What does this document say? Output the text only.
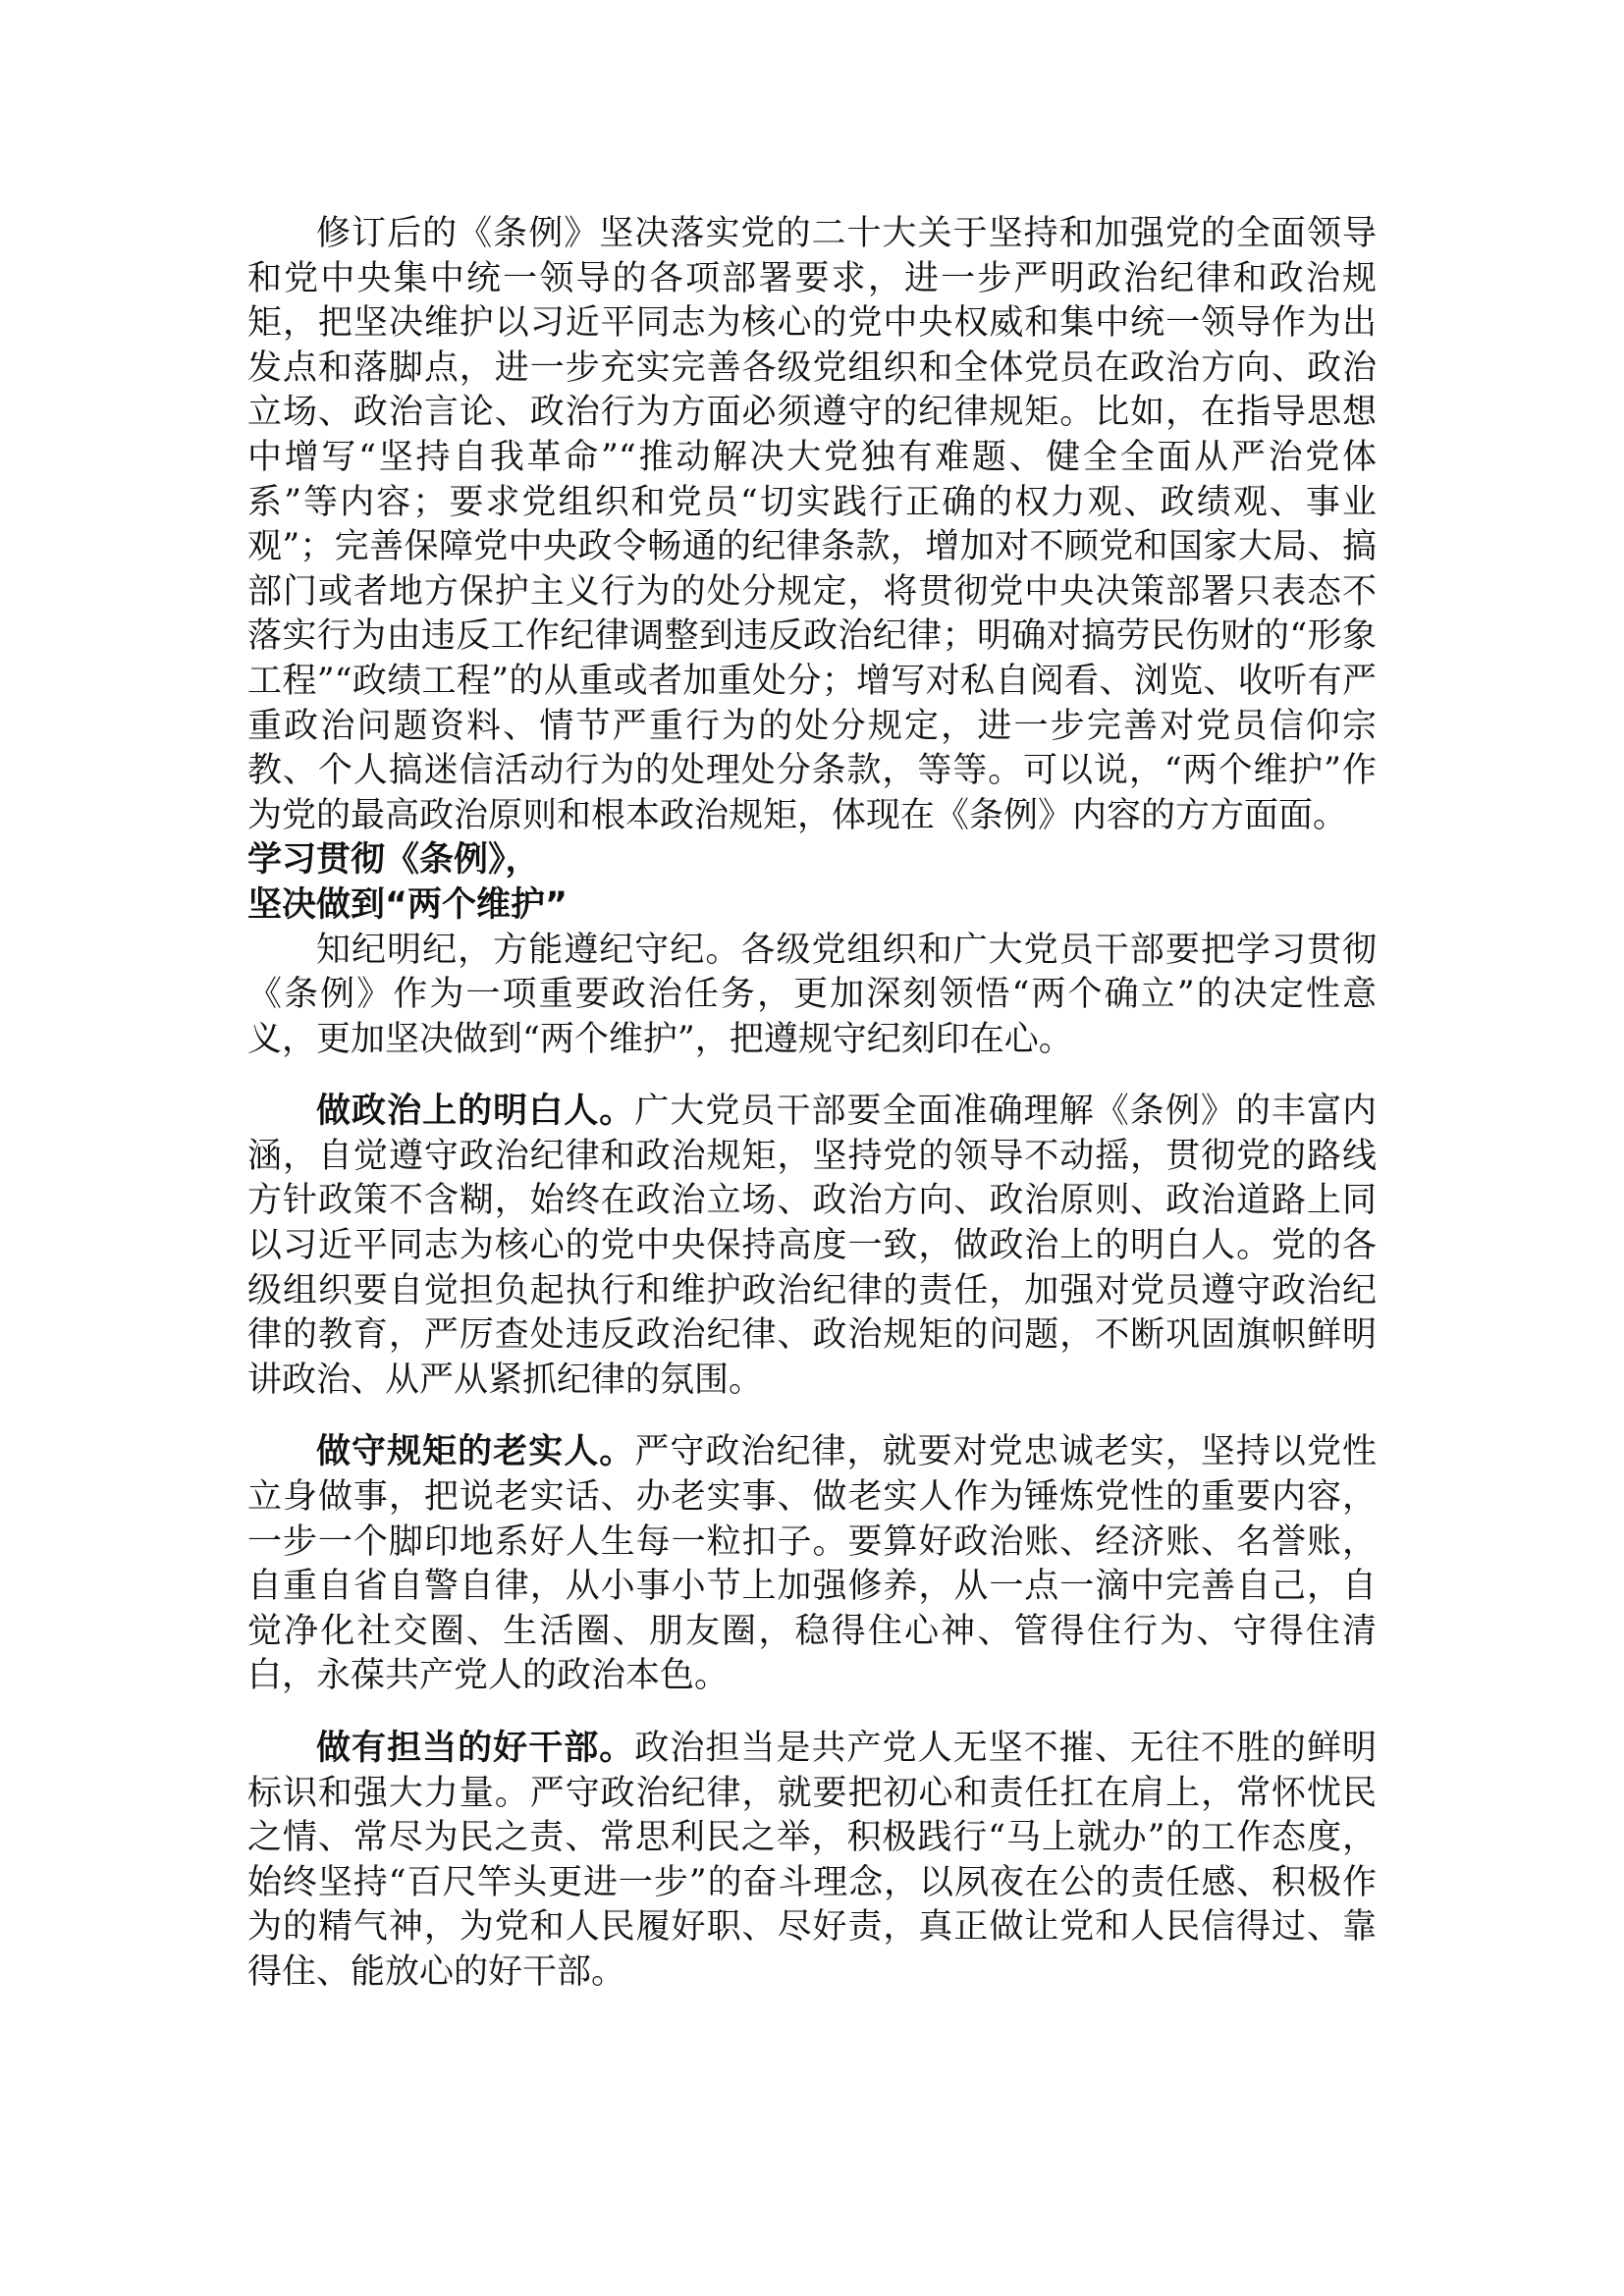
修订后的《条例》坚决落实党的二十大关于坚持和加强党的全面领导和党中央集中统一领导的各项部署要求，进一步严明政治纪律和政治规矩，把坚决维护以习近平同志为核心的党中央权威和集中统一领导作为出发点和落脚点，进一步充实完善各级党组织和全体党员在政治方向、政治立场、政治言论、政治行为方面必须遵守的纪律规矩。比如，在指导思想中增写“坚持自我革命”“推动解决大党独有难题、健全全面从严治党体系”等内容；要求党组织和党员“切实践行正确的权力观、政绩观、事业观”；完善保障党中央政令畅通的纪律条款，增加对不顾党和国家大局、搞部门或者地方保护主义行为的处分规定，将贯彻党中央决策部署只表态不落实行为由违反工作纪律调整到违反政治纪律；明确对搞劳民伤财的“形象工程”“政绩工程”的从重或者加重处分；增写对私自阅看、浏览、收听有严重政治问题资料、情节严重行为的处分规定，进一步完善对党员信仰宗教、个人搞迷信活动行为的处理处分条款，等等。可以说，“两个维护”作为党的最高政治原则和根本政治规矩，体现在《条例》内容的方方面面。

学习贯彻《条例》，

坚决做到“两个维护”

知纪明纪，方能遵纪守纪。各级党组织和广大党员干部要把学习贯彻《条例》作为一项重要政治任务，更加深刻领悟“两个确立”的决定性意义，更加坚决做到“两个维护”，把遵规守纪刻印在心。

做政治上的明白人。广大党员干部要全面准确理解《条例》的丰富内涵，自觉遵守政治纪律和政治规矩，坚持党的领导不动摇，贯彻党的路线方针政策不含糊，始终在政治立场、政治方向、政治原则、政治道路上同以习近平同志为核心的党中央保持高度一致，做政治上的明白人。党的各级组织要自觉担负起执行和维护政治纪律的责任，加强对党员遵守政治纪律的教育，严厉查处违反政治纪律、政治规矩的问题，不断巩固旗帜鲜明讲政治、从严从紧抓纪律的氛围。

做守规矩的老实人。严守政治纪律，就要对党忠诚老实，坚持以党性立身做事，把说老实话、办老实事、做老实人作为锤炼党性的重要内容，一步一个脚印地系好人生每一粒扣子。要算好政治账、经济账、名誉账，自重自省自警自律，从小事小节上加强修养，从一点一滴中完善自己，自觉净化社交圈、生活圈、朋友圈，稳得住心神、管得住行为、守得住清白，永葆共产党人的政治本色。

做有担当的好干部。政治担当是共产党人无坚不摧、无往不胜的鲜明标识和强大力量。严守政治纪律，就要把初心和责任扛在肩上，常怀忧民之情、常尽为民之责、常思利民之举，积极践行“马上就办”的工作态度，始终坚持“百尺竿头更进一步”的奋斗理念，以夙夜在公的责任感、积极作为的精气神，为党和人民履好职、尽好责，真正做让党和人民信得过、靠得住、能放心的好干部。
